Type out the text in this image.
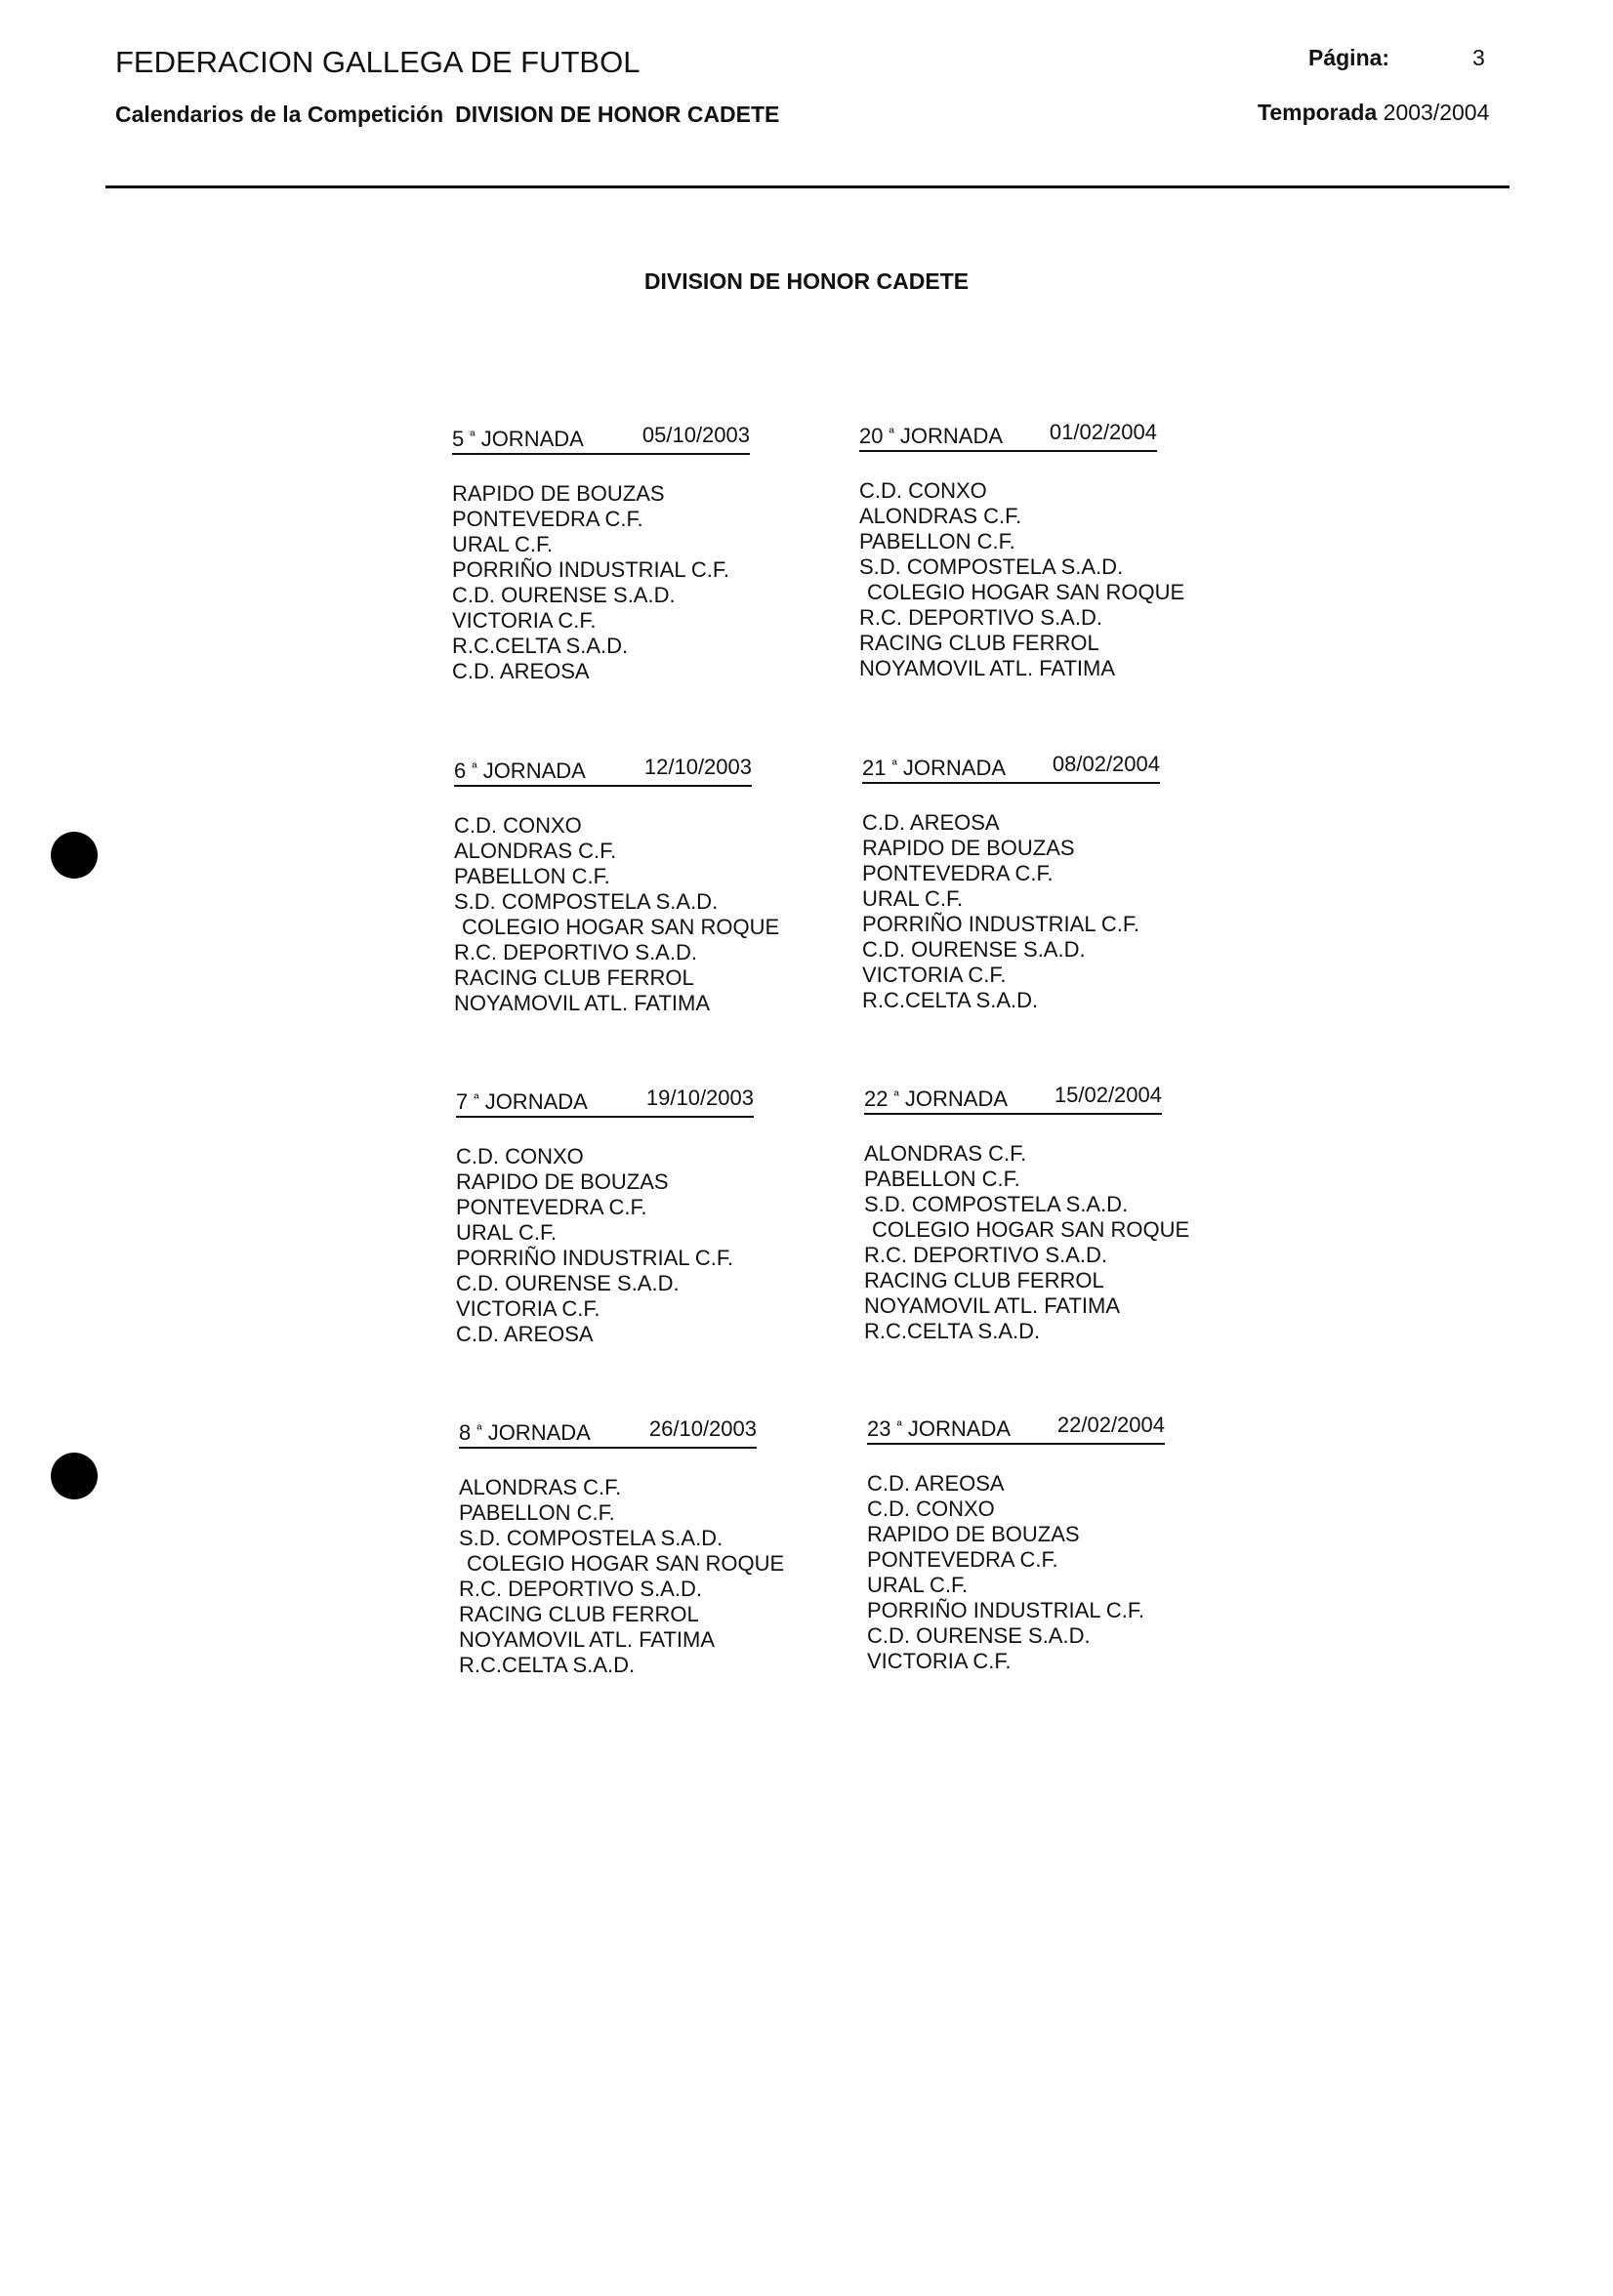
FEDERACION GALLEGA DE FUTBOL
Calendarios de la Competición DIVISION DE HONOR CADETE
Página:	3
Temporada 2003/2004
DIVISION DE HONOR CADETE
5 $^ª$ JORNADA	05/10/2003
RAPIDO DE BOUZAS
PONTEVEDRA C.F.
URAL C.F.
PORRIÑO INDUSTRIAL C.F.
C.D. OURENSE S.A.D.
VICTORIA C.F.
R.C.CELTA S.A.D.
C.D. AREOSA
20 $^ª$ JORNADA 01/02/2004
C.D. CONXO
ALONDRAS C.F.
PABELLON C.F.
S.D. COMPOSTELA S.A.D.
COLEGIO HOGAR SAN ROQUE
R.C. DEPORTIVO S.A.D.
RACING CLUB FERROL
NOYAMOVIL ATL. FATIMA
6 $^ª$ JORNADA	12/10/2003
C.D. CONXO
ALONDRAS C.F.
PABELLON C.F.
S.D. COMPOSTELA S.A.D.
COLEGIO HOGAR SAN ROQUE
R.C. DEPORTIVO S.A.D.
RACING CLUB FERROL
NOYAMOVIL ATL. FATIMA
21 $^ª$ JORNADA 08/02/2004
C.D. AREOSA
RAPIDO DE BOUZAS
PONTEVEDRA C.F.
URAL C.F.
PORRIÑO INDUSTRIAL C.F.
C.D. OURENSE S.A.D.
VICTORIA C.F.
R.C.CELTA S.A.D.
7 $^ª$ JORNADA	19/10/2003
C.D. CONXO
RAPIDO DE BOUZAS
PONTEVEDRA C.F.
URAL C.F.
PORRIÑO INDUSTRIAL C.F.
C.D. OURENSE S.A.D.
VICTORIA C.F.
C.D. AREOSA
22 $^ª$ JORNADA 15/02/2004
ALONDRAS C.F.
PABELLON C.F.
S.D. COMPOSTELA S.A.D.
COLEGIO HOGAR SAN ROQUE
R.C. DEPORTIVO S.A.D.
RACING CLUB FERROL
NOYAMOVIL ATL. FATIMA
R.C.CELTA S.A.D.
8 $^ª$ JORNADA	26/10/2003
ALONDRAS C.F.
PABELLON C.F.
S.D. COMPOSTELA S.A.D.
COLEGIO HOGAR SAN ROQUE
R.C. DEPORTIVO S.A.D.
RACING CLUB FERROL
NOYAMOVIL ATL. FATIMA
R.C.CELTA S.A.D.
23 $^ª$ JORNADA 22/02/2004
C.D. AREOSA
C.D. CONXO
RAPIDO DE BOUZAS
PONTEVEDRA C.F.
URAL C.F.
PORRIÑO INDUSTRIAL C.F.
C.D. OURENSE S.A.D.
VICTORIA C.F.
